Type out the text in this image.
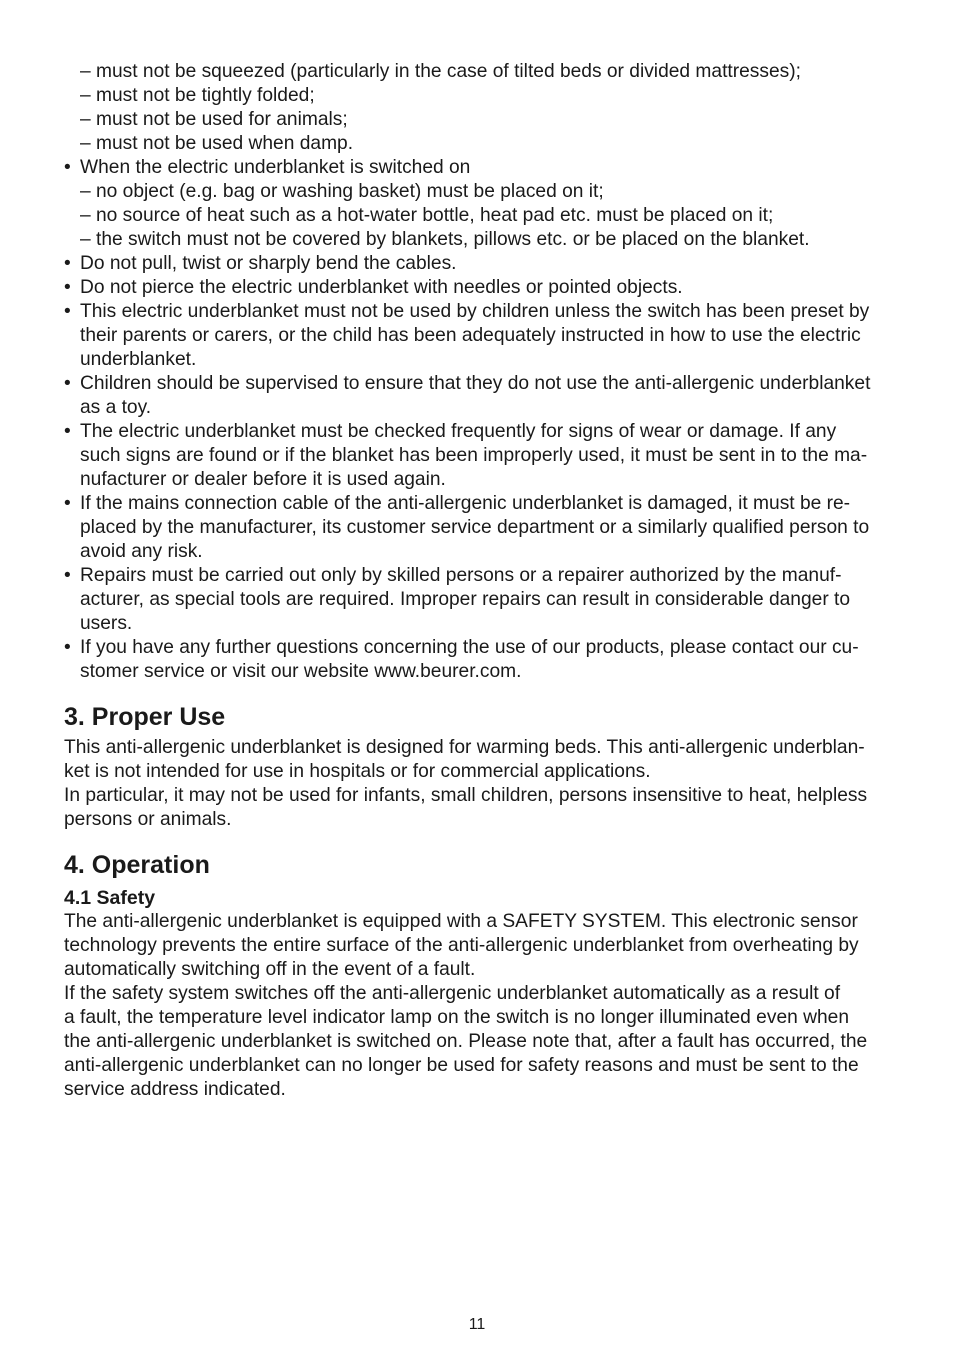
– must not be squeezed (particularly in the case of tilted beds or divided mattresses);
– must not be tightly folded;
– must not be used for animals;
– must not be used when damp.
• When the electric underblanket is switched on
– no object (e.g. bag or washing basket) must be placed on it;
– no source of heat such as a hot-water bottle, heat pad etc. must be placed on it;
– the switch must not be covered by blankets, pillows etc. or be placed on the blanket.
• Do not pull, twist or sharply bend the cables.
• Do not pierce the electric underblanket with needles or pointed objects.
• This electric underblanket must not be used by children unless the switch has been preset by
their parents or carers, or the child has been adequately instructed in how to use the electric
underblanket.
• Children should be supervised to ensure that they do not use the anti-allergenic underblanket
as a toy.
• The electric underblanket must be checked frequently for signs of wear or damage. If any
such signs are found or if the blanket has been improperly used, it must be sent in to the ma-
nufacturer or dealer before it is used again.
• If the mains connection cable of the anti-allergenic underblanket is damaged, it must be re-
placed by the manufacturer, its customer service department or a similarly qualified person to
avoid any risk.
• Repairs must be carried out only by skilled persons or a repairer authorized by the manuf-
acturer, as special tools are required. Improper repairs can result in considerable danger to
users.
• If you have any further questions concerning the use of our products, please contact our cu-
stomer service or visit our website www.beurer.com.
3. Proper Use
This anti-allergenic underblanket is designed for warming beds. This anti-allergenic underblan-
ket is not intended for use in hospitals or for commercial applications.
In particular, it may not be used for infants, small children, persons insensitive to heat, helpless
persons or animals.
4. Operation
4.1 Safety
The anti-allergenic underblanket is equipped with a SAFETY SYSTEM. This electronic sensor
technology prevents the entire surface of the anti-allergenic underblanket from overheating by
automatically switching off in the event of a fault.
If the safety system switches off the anti-allergenic underblanket automatically as a result of
a fault, the temperature level indicator lamp on the switch is no longer illuminated even when
the anti-allergenic underblanket is switched on. Please note that, after a fault has occurred, the
anti-allergenic underblanket can no longer be used for safety reasons and must be sent to the
service address indicated.
11
